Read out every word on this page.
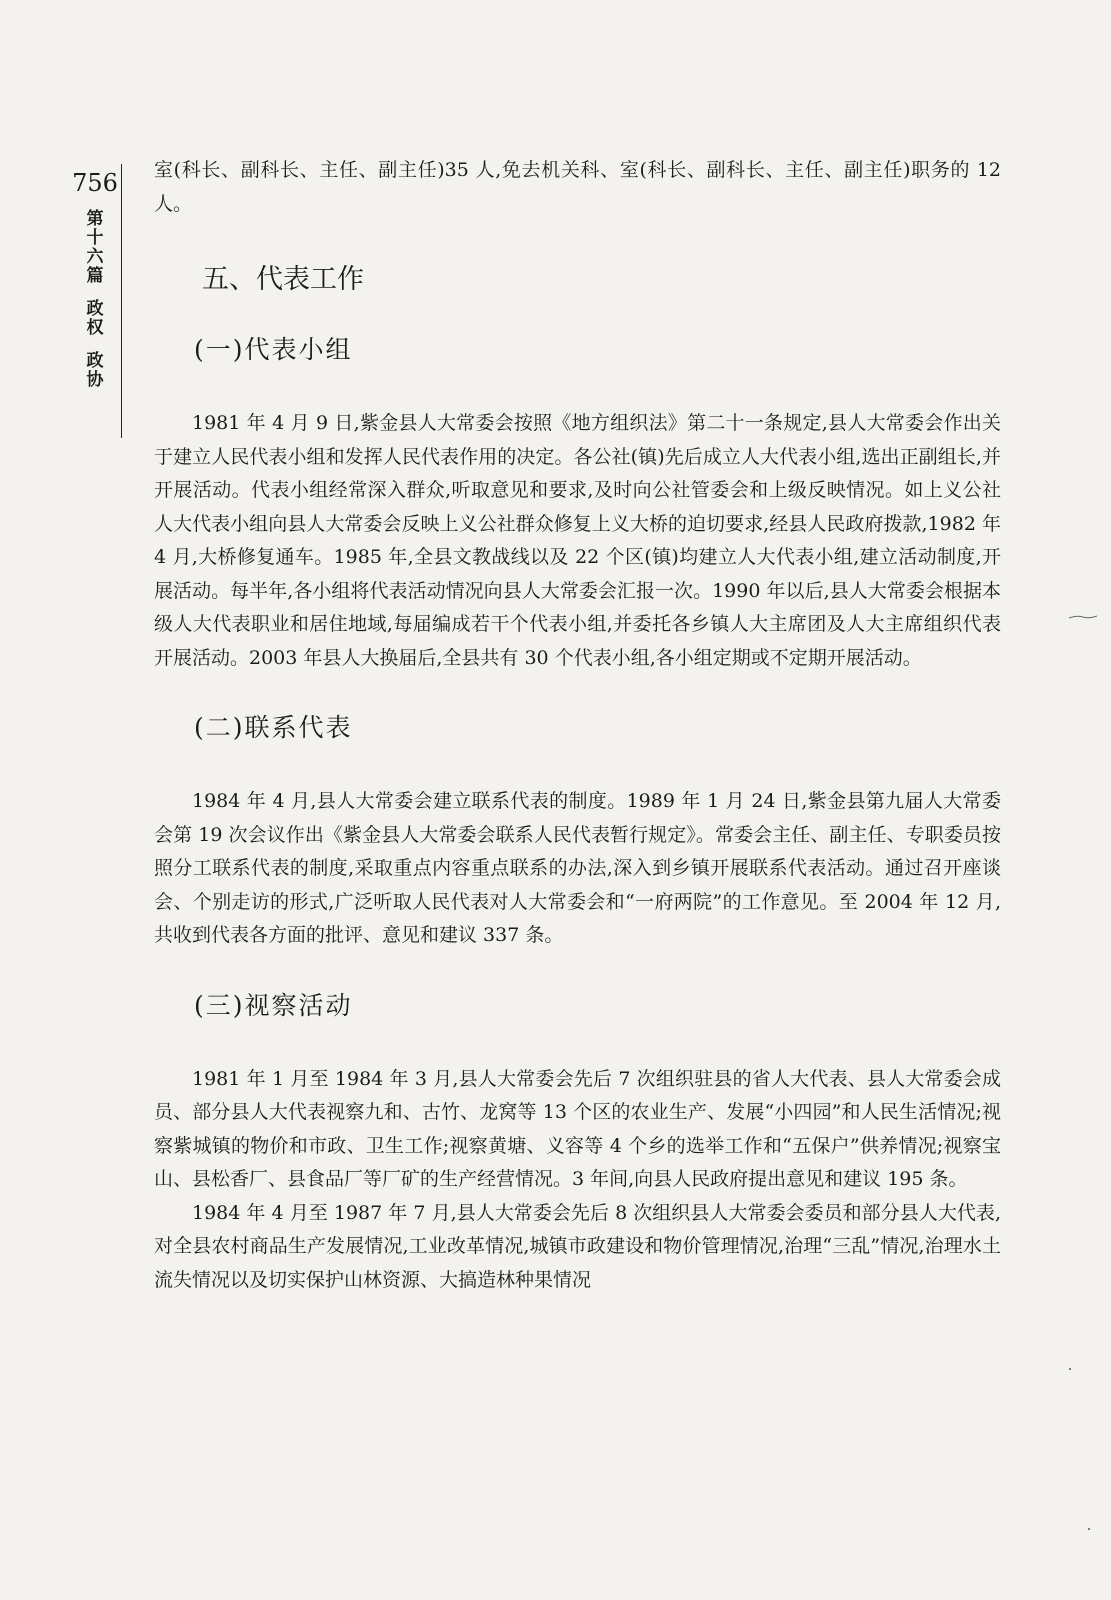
756
第
十
六
篇
政
权
政
协

室(科长、副科长、主任、副主任)35 人,免去机关科、室(科长、副科长、主任、副主任)职务的 12 人。

五、代表工作
(一)代表小组

1981 年 4 月 9 日,紫金县人大常委会按照《地方组织法》第二十一条规定,县人大常委会作出关于建立人民代表小组和发挥人民代表作用的决定。各公社(镇)先后成立人大代表小组,选出正副组长,并开展活动。代表小组经常深入群众,听取意见和要求,及时向公社管委会和上级反映情况。如上义公社人大代表小组向县人大常委会反映上义公社群众修复上义大桥的迫切要求,经县人民政府拨款,1982 年 4 月,大桥修复通车。1985 年,全县文教战线以及 22 个区(镇)均建立人大代表小组,建立活动制度,开展活动。每半年,各小组将代表活动情况向县人大常委会汇报一次。1990 年以后,县人大常委会根据本级人大代表职业和居住地域,每届编成若干个代表小组,并委托各乡镇人大主席团及人大主席组织代表开展活动。2003 年县人大换届后,全县共有 30 个代表小组,各小组定期或不定期开展活动。

(二)联系代表

1984 年 4 月,县人大常委会建立联系代表的制度。1989 年 1 月 24 日,紫金县第九届人大常委会第 19 次会议作出《紫金县人大常委会联系人民代表暂行规定》。常委会主任、副主任、专职委员按照分工联系代表的制度,采取重点内容重点联系的办法,深入到乡镇开展联系代表活动。通过召开座谈会、个别走访的形式,广泛听取人民代表对人大常委会和“一府两院”的工作意见。至 2004 年 12 月,共收到代表各方面的批评、意见和建议 337 条。

(三)视察活动

1981 年 1 月至 1984 年 3 月,县人大常委会先后 7 次组织驻县的省人大代表、县人大常委会成员、部分县人大代表视察九和、古竹、龙窝等 13 个区的农业生产、发展“小四园”和人民生活情况;视察紫城镇的物价和市政、卫生工作;视察黄塘、义容等 4 个乡的选举工作和“五保户”供养情况;视察宝山、县松香厂、县食品厂等厂矿的生产经营情况。3 年间,向县人民政府提出意见和建议 195 条。

1984 年 4 月至 1987 年 7 月,县人大常委会先后 8 次组织县人大常委会委员和部分县人大代表,对全县农村商品生产发展情况,工业改革情况,城镇市政建设和物价管理情况,治理“三乱”情况,治理水土流失情况以及切实保护山林资源、大搞造林种果情况
